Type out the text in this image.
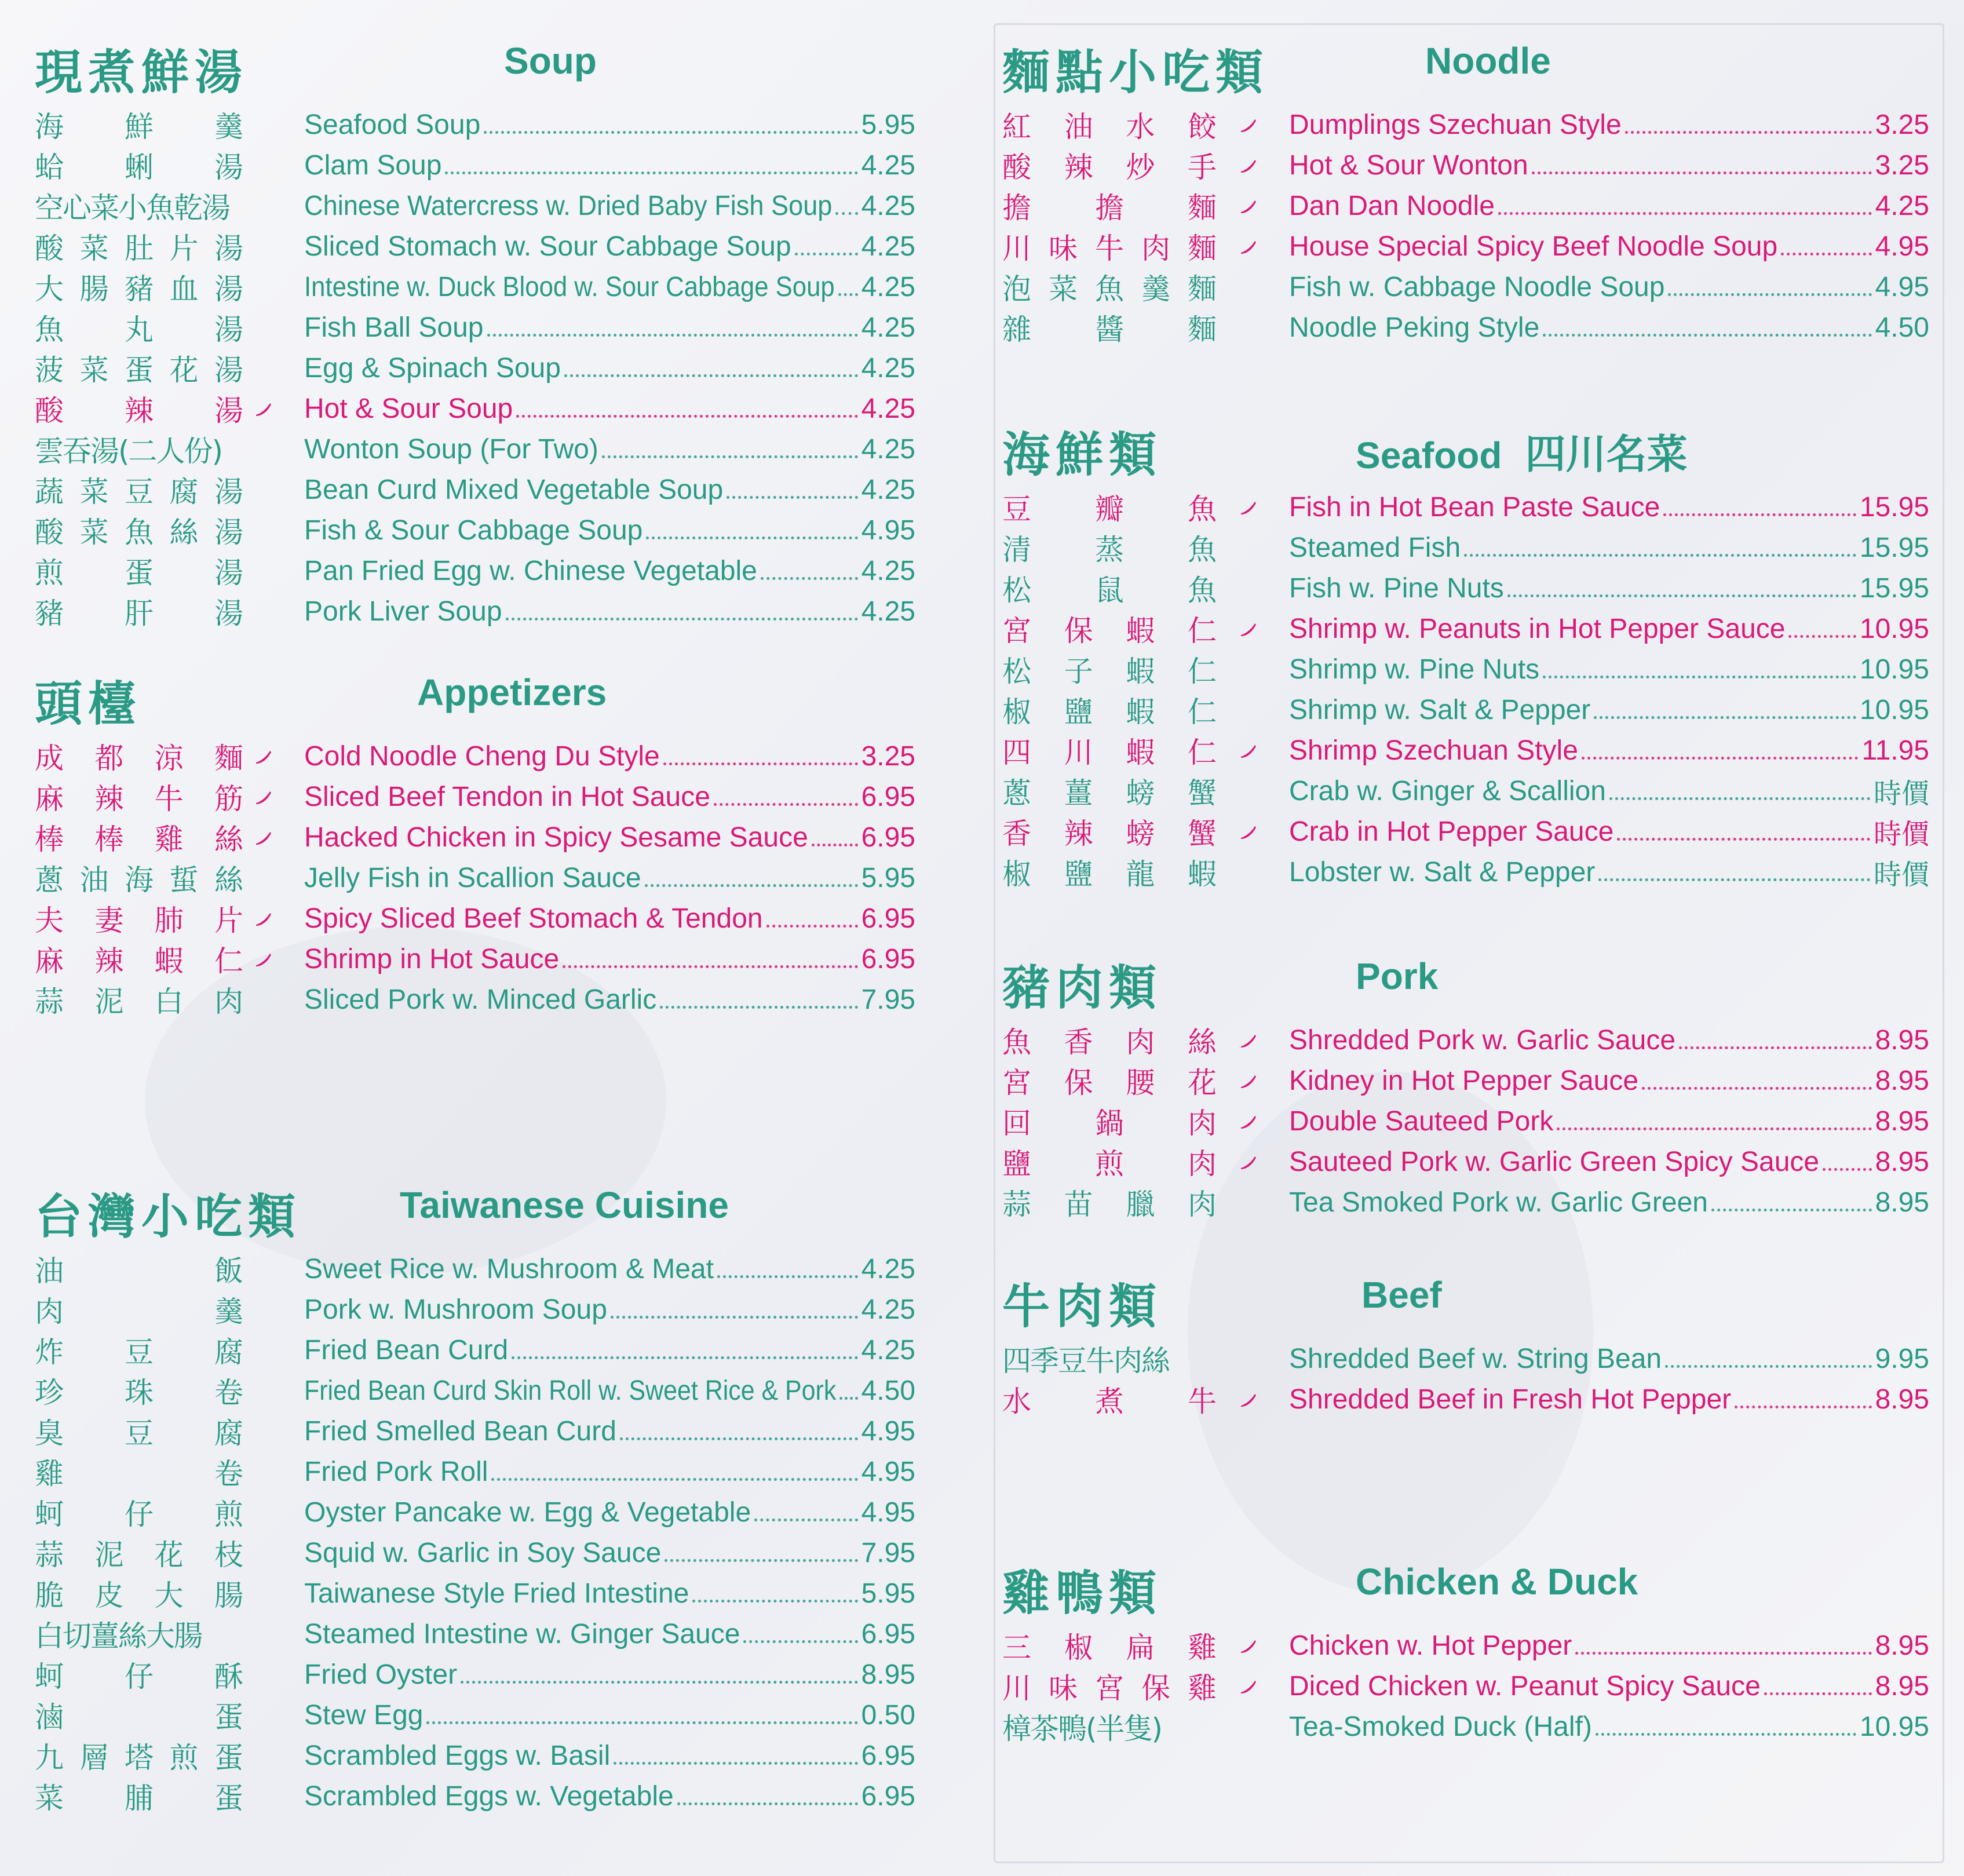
現煮鮮湯	Soup
海 鮮 羹 Seafood Soup	5.95
蛤 蜊 湯 Clam Soup	4.25
空心菜小魚乾湯	Chinese Watercress w. Dried Baby Fish Soup 4.25
酸 菜 肚 片 湯 Sliced Stomach w. Sour Cabbage Soup	4.25
大 腸 豬 血 湯 Intestine w. Duck Blood w. Sour Cabbage Soup 4.25
魚 丸 湯 Fish Ball Soup	4.25
菠 菜 蛋 花 湯 Egg & Spinach Soup	4.25
酸 辣 湯 Hot & Sour Soup	4.25
雲吞湯(二人份)	Wonton Soup (For Two)	4.25
蔬 菜 豆 腐 湯 Bean Curd Mixed Vegetable Soup	4.25
酸 菜 魚 絲 湯 Fish & Sour Cabbage Soup	4.95
煎 蛋 湯 Pan Fried Egg w. Chinese Vegetable	4.25
豬 肝 湯 Pork Liver Soup	4.25
頭檯	Appetizers
成 都 涼 麵 Cold Noodle Cheng Du Style	3.25
麻 辣 牛 筋 Sliced Beef Tendon in Hot Sauce	6.95
棒 棒 雞 絲 Hacked Chicken in Spicy Sesame Sauce 6.95
蔥 油 海 蜇 絲 Jelly Fish in Scallion Sauce	5.95
夫 妻 肺 片 Spicy Sliced Beef Stomach & Tendon	6.95
麻 辣 蝦 仁 Shrimp in Hot Sauce	6.95
蒜 泥 白 肉 Sliced Pork w. Minced Garlic	7.95
台灣小吃類	Taiwanese Cuisine
油	飯 Sweet Rice w. Mushroom & Meat	4.25
肉	羹 Pork w. Mushroom Soup	4.25
炸 豆 腐 Fried Bean Curd	4.25
珍 珠 卷 Fried Bean Curd Skin Roll w. Sweet Rice & Pork 4.50
臭 豆 腐 Fried Smelled Bean Curd	4.95
雞	卷 Fried Pork Roll	4.95
蚵 仔 煎 Oyster Pancake w. Egg & Vegetable	4.95
蒜 泥 花 枝 Squid w. Garlic in Soy Sauce	7.95
脆 皮 大 腸 Taiwanese Style Fried Intestine	5.95
白切薑絲大腸	Steamed Intestine w. Ginger Sauce	6.95
蚵 仔 酥 Fried Oyster	8.95
滷	蛋 Stew Egg	0.50
九 層 塔 煎 蛋 Scrambled Eggs w. Basil	6.95
菜 脯 蛋 Scrambled Eggs w. Vegetable	6.95
麵點小吃類	Noodle
紅 油 水 餃	Dumplings Szechuan Style	3.25
酸 辣 炒 手	Hot & Sour Wonton	3.25
擔 擔 麵	Dan Dan Noodle	4.25
川 味 牛 肉 麵	House Special Spicy Beef Noodle Soup	4.95
泡 菜 魚 羹 麵	Fish w. Cabbage Noodle Soup	4.95
雜 醬 麵	Noodle Peking Style	4.50
海鮮類	Seafood 四川名菜
豆 瓣 魚	Fish in Hot Bean Paste Sauce	15.95
清 蒸 魚	Steamed Fish	15.95
松 鼠 魚	Fish w. Pine Nuts	15.95
宮 保 蝦 仁	Shrimp w. Peanuts in Hot Pepper Sauce	10.95
松 子 蝦 仁	Shrimp w. Pine Nuts	10.95
椒 鹽 蝦 仁	Shrimp w. Salt & Pepper	10.95
四 川 蝦 仁	Shrimp Szechuan Style	11.95
蔥 薑 螃 蟹	Crab w. Ginger & Scallion	時價
香 辣 螃 蟹	Crab in Hot Pepper Sauce	時價
椒 鹽 龍 蝦	Lobster w. Salt & Pepper	時價
豬肉類	Pork
魚 香 肉 絲	Shredded Pork w. Garlic Sauce	8.95
宮 保 腰 花	Kidney in Hot Pepper Sauce	8.95
回 鍋 肉	Double Sauteed Pork	8.95
鹽 煎 肉	Sauteed Pork w. Garlic Green Spicy Sauce 8.95
蒜 苗 臘 肉	Tea Smoked Pork w. Garlic Green	8.95
牛肉類	Beef
四季豆牛肉絲	Shredded Beef w. String Bean	9.95
水 煮 牛	Shredded Beef in Fresh Hot Pepper	8.95
雞鴨類	Chicken & Duck
三 椒 扁 雞	Chicken w. Hot Pepper	8.95
川 味 宮 保 雞	Diced Chicken w. Peanut Spicy Sauce	8.95
樟茶鴨(半隻)	Tea-Smoked Duck (Half)	10.95
